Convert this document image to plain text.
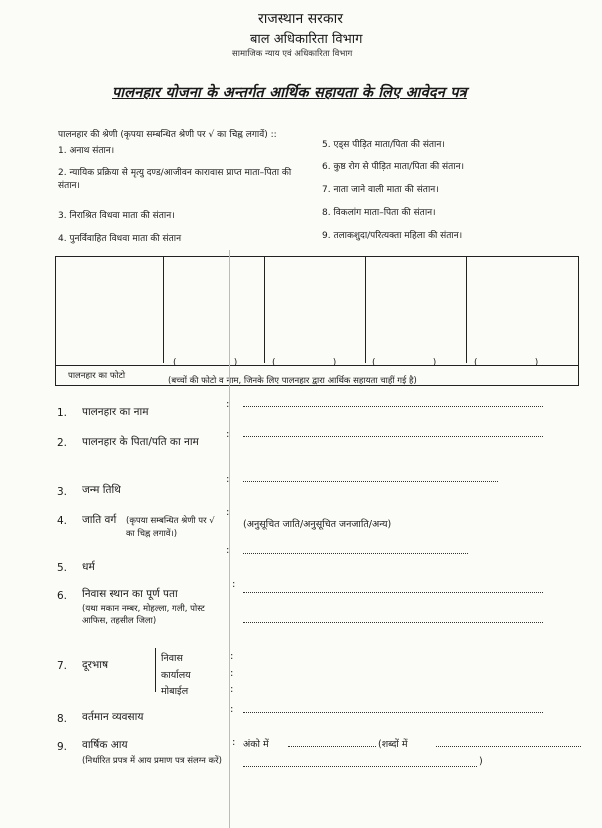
राजस्थान सरकार
बाल अधिकारिता विभाग
सामाजिक न्याय एवं अधिकारिता विभाग
पालनहार योजना के अन्तर्गत आर्थिक सहायता के लिए आवेदन पत्र
पालनहार की श्रेणी (कृपया सम्बन्धित श्रेणी पर √ का चिह्न लगावें) ::
1. अनाथ संतान।
2. न्यायिक प्रक्रिया से मृत्यु दण्ड/आजीवन कारावास प्राप्त माता–पिता की संतान।
3. निराश्रित विधवा माता की संतान।
4. पुनर्विवाहित विधवा माता की संतान
5. एड्स पीड़ित माता/पिता की संतान।
6. कुष्ठ रोग से पीड़ित माता/पिता की संतान।
7. नाता जाने वाली माता की संतान।
8. विकलांग माता–पिता की संतान।
9. तलाकशुदा/परित्यक्ता महिला की संतान।
(                    )	(                    )	(                    )	(                    )
पालनहार का फोटो	(बच्चों की फोटो व नाम, जिनके लिए पालनहार द्वारा आर्थिक सहायता चाहीं गई है)
1. पालनहार का नाम
:
2. पालनहार के पिता/पति का नाम
:
3. जन्म तिथि
:
4. जाति वर्ग	(कृपया सम्बन्धित श्रेणी पर √ का चिह्न लगावें।)
:
(अनुसूचित जाति/अनुसूचित जनजाति/अन्य)
5. धर्म
:
6. निवास स्थान का पूर्ण पता
(यथा मकान नम्बर, मोहल्ला, गली, पोस्ट आफिस, तहसील जिला)
:
7. दूरभाष
निवास
कार्यालय
मोबाईल
:
:
:
8. वर्तमान व्यवसाय
:
9. वार्षिक आय
(निर्धारित प्रपत्र में आय प्रमाण पत्र संलग्न करें)
: अंको में	(शब्दों में
)
